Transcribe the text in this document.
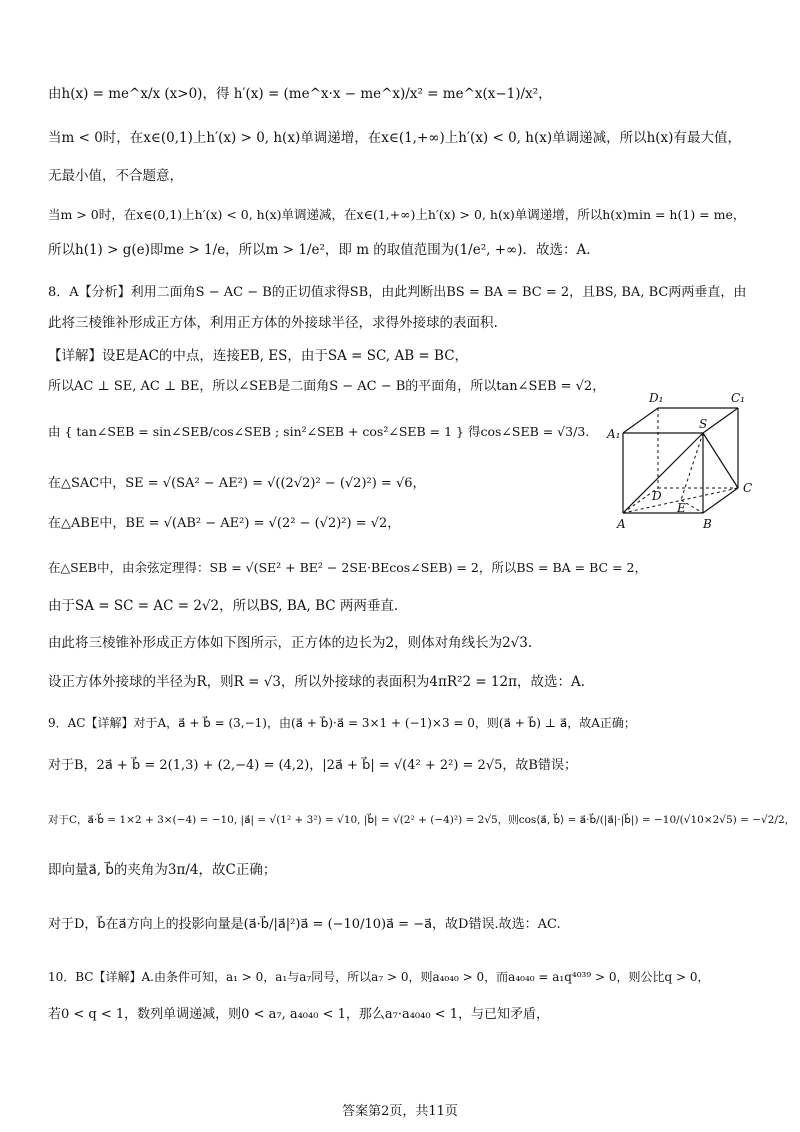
由h(x) = me^x/x (x>0)，得 h′(x) = (me^x·x − me^x)/x² = me^x(x−1)/x²，
当m < 0时，在x∈(0,1)上h′(x) > 0, h(x)单调递增，在x∈(1,+∞)上h′(x) < 0, h(x)单调递减，所以h(x)有最大值，
无最小值，不合题意，
当m > 0时，在x∈(0,1)上h′(x) < 0, h(x)单调递减，在x∈(1,+∞)上h′(x) > 0, h(x)单调递增，所以h(x)min = h(1) = me，
所以h(1) > g(e)即me > 1/e，所以m > 1/e²，即 m 的取值范围为(1/e², +∞)．故选：A.
8．A【分析】利用二面角S − AC − B的正切值求得SB，由此判断出BS = BA = BC = 2，且BS, BA, BC两两垂直，由
此将三棱锥补形成正方体，利用正方体的外接球半径，求得外接球的表面积.
【详解】设E是AC的中点，连接EB, ES，由于SA = SC, AB = BC，
所以AC ⊥ SE, AC ⊥ BE，所以∠SEB是二面角S − AC − B的平面角，所以tan∠SEB = √2，
由 { tan∠SEB = sin∠SEB/cos∠SEB ; sin²∠SEB + cos²∠SEB = 1 } 得cos∠SEB = √3/3.
在△SAC中，SE = √(SA² − AE²) = √((2√2)² − (√2)²) = √6，
在△ABE中，BE = √(AB² − AE²) = √(2² − (√2)²) = √2，
在△SEB中，由余弦定理得：SB = √(SE² + BE² − 2SE·BEcos∠SEB) = 2，所以BS = BA = BC = 2，
由于SA = SC = AC = 2√2，所以BS, BA, BC 两两垂直.
由此将三棱锥补形成正方体如下图所示，正方体的边长为2，则体对角线长为2√3.
设正方体外接球的半径为R，则R = √3，所以外接球的表面积为4πR²2 = 12π，故选：A.
9．AC【详解】对于A，a⃗ + b⃗ = (3,−1)，由(a⃗ + b⃗)·a⃗ = 3×1 + (−1)×3 = 0，则(a⃗ + b⃗) ⊥ a⃗，故A正确；
对于B，2a⃗ + b⃗ = 2(1,3) + (2,−4) = (4,2)，|2a⃗ + b⃗| = √(4² + 2²) = 2√5，故B错误；
对于C，a⃗·b⃗ = 1×2 + 3×(−4) = −10, |a⃗| = √(1² + 3²) = √10, |b⃗| = √(2² + (−4)²) = 2√5，则cos⟨a⃗, b⃗⟩ = a⃗·b⃗/(|a⃗|·|b⃗|) = −10/(√10×2√5) = −√2/2，
即向量a⃗, b⃗的夹角为3π/4，故C正确；
对于D，b⃗在a⃗方向上的投影向量是(a⃗·b⃗/|a⃗|²)a⃗ = (−10/10)a⃗ = −a⃗，故D错误.故选：AC.
10．BC【详解】A.由条件可知，a₁ > 0，a₁与a₇同号，所以a₇ > 0，则a₄₀₄₀ > 0，而a₄₀₄₀ = a₁q⁴⁰³⁹ > 0，则公比q > 0，
若0 < q < 1，数列单调递减，则0 < a₇, a₄₀₄₀ < 1，那么a₇·a₄₀₄₀ < 1，与已知矛盾，
D₁	C₁
A₁
S
D
C
E
A	B
答案第2页，共11页
